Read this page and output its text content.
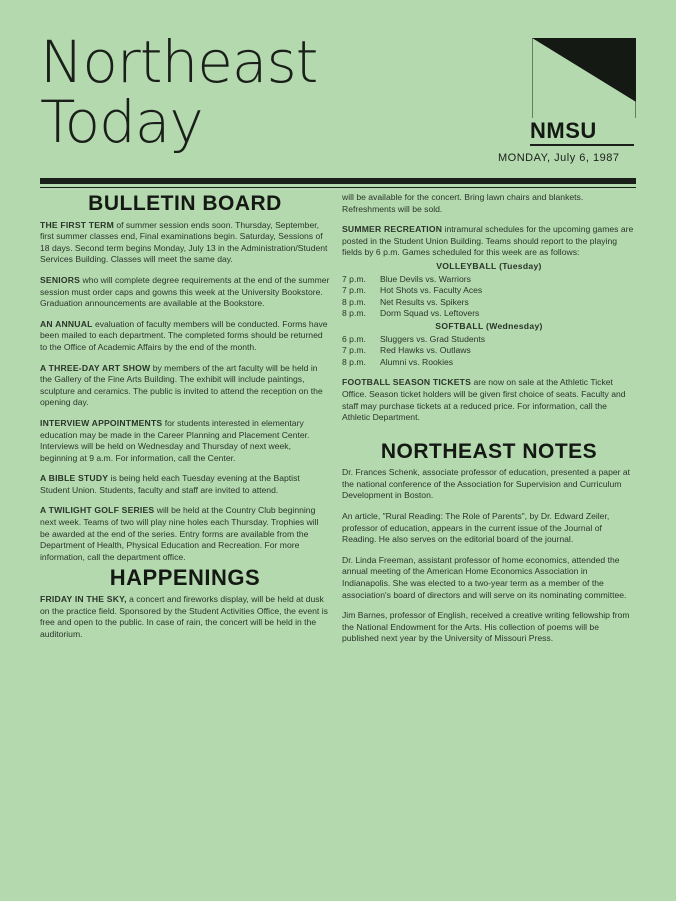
Northeast
Today	NMSU
MONDAY, July 6, 1987
BULLETIN BOARD

THE FIRST TERM of summer session ends soon. Thursday, September, first summer classes end, Final examinations begin. Saturday, Sessions of 18 days. Second term begins Monday, July 13 in the Administration/Student Services Building. Classes will meet the same day.

SENIORS who will complete degree requirements at the end of the summer session must order caps and gowns this week at the University Bookstore. Graduation announcements are available at the Bookstore.

AN ANNUAL evaluation of faculty members will be conducted. Forms have been mailed to each department. The completed forms should be returned to the Office of Academic Affairs by the end of the month.

A THREE-DAY ART SHOW by members of the art faculty will be held in the Gallery of the Fine Arts Building. The exhibit will include paintings, sculpture and ceramics. The public is invited to attend the reception on the opening day.

INTERVIEW APPOINTMENTS for students interested in elementary education may be made in the Career Planning and Placement Center. Interviews will be held on Wednesday and Thursday of next week, beginning at 9 a.m. For information, call the Center.

A BIBLE STUDY is being held each Tuesday evening at the Baptist Student Union. Students, faculty and staff are invited to attend.

A TWILIGHT GOLF SERIES will be held at the Country Club beginning next week. Teams of two will play nine holes each Thursday. Trophies will be awarded at the end of the series. Entry forms are available from the Department of Health, Physical Education and Recreation. For more information, call the department office.

HAPPENINGS

FRIDAY IN THE SKY, a concert and fireworks display, will be held at dusk on the practice field. Sponsored by the Student Activities Office, the event is free and open to the public. In case of rain, the concert will be held in the auditorium.

will be available for the concert. Bring lawn chairs and blankets. Refreshments will be sold.

SUMMER RECREATION intramural schedules for the upcoming games are posted in the Student Union Building. Teams should report to the playing fields by 6 p.m. Games scheduled for this week are as follows:

VOLLEYBALL (Tuesday)
7 p.m.	Blue Devils vs. Warriors
7 p.m.	Hot Shots vs. Faculty Aces
8 p.m.	Net Results vs. Spikers
8 p.m.	Dorm Squad vs. Leftovers
SOFTBALL (Wednesday)
6 p.m.	Sluggers vs. Grad Students
7 p.m.	Red Hawks vs. Outlaws
8 p.m.	Alumni vs. Rookies

FOOTBALL SEASON TICKETS are now on sale at the Athletic Ticket Office. Season ticket holders will be given first choice of seats. Faculty and staff may purchase tickets at a reduced price. For information, call the Athletic Department.

NORTHEAST NOTES

Dr. Frances Schenk, associate professor of education, presented a paper at the national conference of the Association for Supervision and Curriculum Development in Boston.

An article, "Rural Reading: The Role of Parents", by Dr. Edward Zeiler, professor of education, appears in the current issue of the Journal of Reading. He also serves on the editorial board of the journal.

Dr. Linda Freeman, assistant professor of home economics, attended the annual meeting of the American Home Economics Association in Indianapolis. She was elected to a two-year term as a member of the association's board of directors and will serve on its nominating committee.

Jim Barnes, professor of English, received a creative writing fellowship from the National Endowment for the Arts. His collection of poems will be published next year by the University of Missouri Press.
